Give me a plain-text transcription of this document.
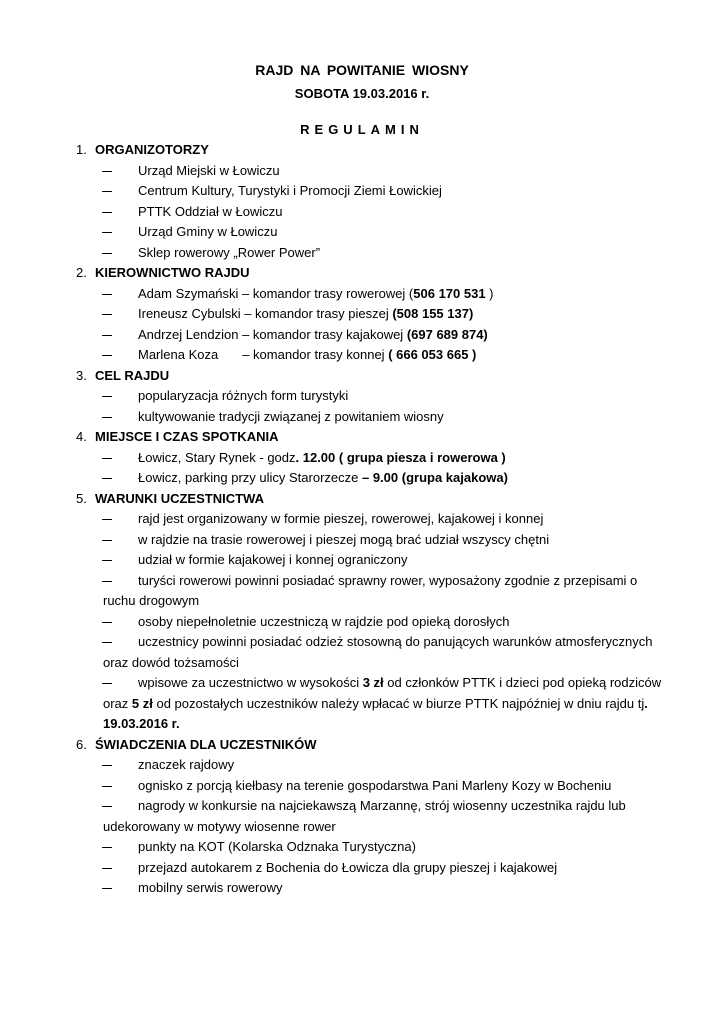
RAJD NA POWITANIE WIOSNY
SOBOTA 19.03.2016 r.
REGULAMIN
1. ORGANIZOTORZY
Urząd Miejski w Łowiczu
Centrum Kultury, Turystyki i Promocji Ziemi Łowickiej
PTTK Oddział w Łowiczu
Urząd Gminy w Łowiczu
Sklep rowerowy „Rower Power”
2. KIEROWNICTWO RAJDU
Adam Szymański – komandor trasy rowerowej (506 170 531 )
Ireneusz Cybulski – komandor trasy pieszej (508 155 137)
Andrzej Lendzion – komandor trasy kajakowej (697 689 874)
Marlena Koza – komandor trasy konnej ( 666 053 665 )
3. CEL RAJDU
popularyzacja różnych form turystyki
kultywowanie tradycji związanej z powitaniem wiosny
4. MIEJSCE I CZAS SPOTKANIA
Łowicz, Stary Rynek - godz. 12.00 ( grupa piesza i rowerowa )
Łowicz, parking przy ulicy Starorzecze – 9.00 (grupa kajakowa)
5. WARUNKI UCZESTNICTWA
rajd jest organizowany w formie pieszej, rowerowej, kajakowej i konnej
w rajdzie na trasie rowerowej i pieszej mogą brać udział wszyscy chętni
udział w formie kajakowej i konnej ograniczony
turyści rowerowi powinni posiadać sprawny rower, wyposażony zgodnie z przepisami o ruchu drogowym
osoby niepełnoletnie uczestniczą w rajdzie pod opieką dorosłych
uczestnicy powinni posiadać odzież stosowną do panujących warunków atmosferycznych oraz dowód tożsamości
wpisowe za uczestnictwo w wysokości 3 zł od członków PTTK i dzieci pod opieką rodziców oraz 5 zł od pozostałych uczestników należy wpłacać w biurze PTTK najpóźniej w dniu rajdu tj. 19.03.2016 r.
6. ŚWIADCZENIA DLA UCZESTNIKÓW
znaczek rajdowy
ognisko z porcją kiełbasy na terenie gospodarstwa Pani Marleny Kozy w Bocheniu
nagrody w konkursie na najciekawszą Marzannę, strój wiosenny uczestnika rajdu lub udekorowany w motywy wiosenne rower
punkty na KOT (Kolarska Odznaka Turystyczna)
przejazd autokarem z Bochenia do Łowicza dla grupy pieszej i kajakowej
mobilny serwis rowerowy
